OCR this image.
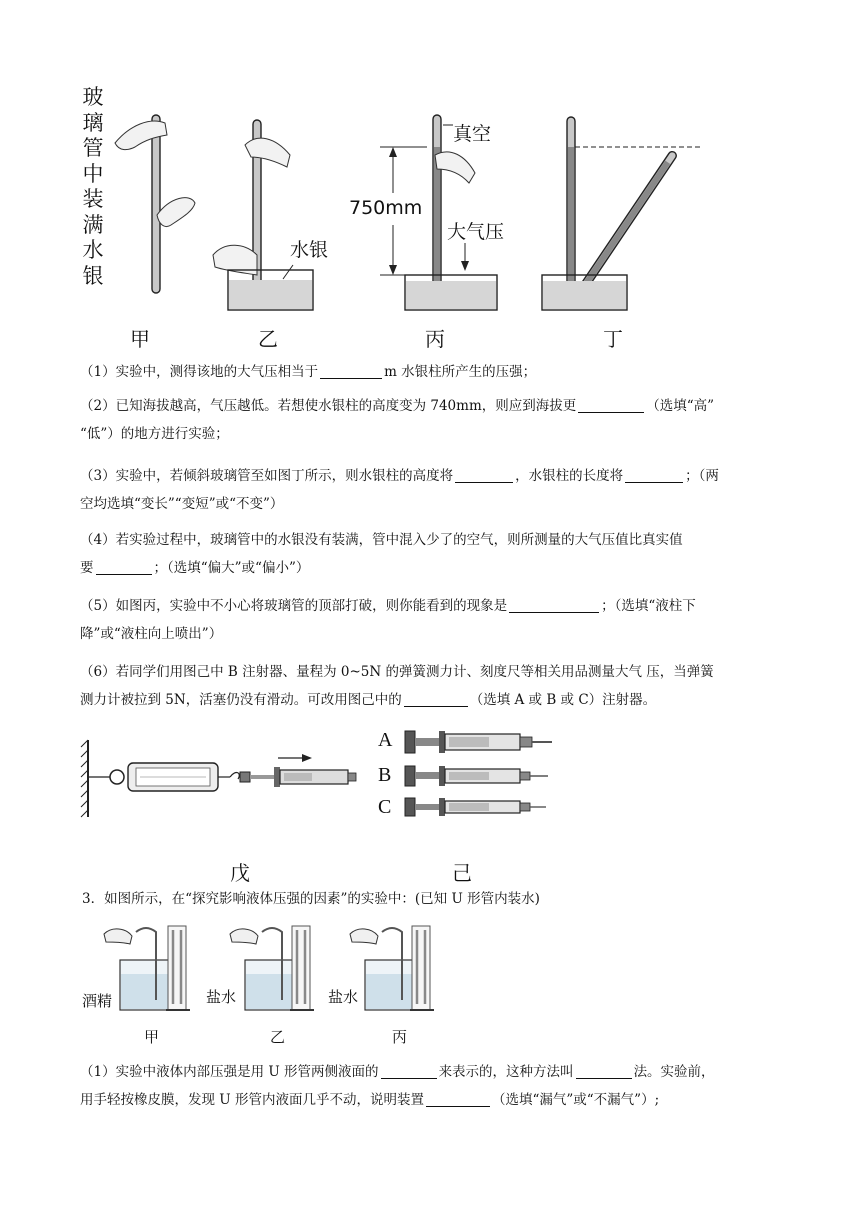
玻
璃
管
中
装
满
水
银
水银
真空
750mm
大气压
甲	乙	丙	丁
（1）实验中，测得该地的大气压相当于	m 水银柱所产生的压强；
（2）已知海拔越高，气压越低。若想使水银柱的高度变为 740mm，则应到海拔更	（选填“高”
“低”）的地方进行实验；
（3）实验中，若倾斜玻璃管至如图丁所示，则水银柱的高度将	，水银柱的长度将	；（两
空均选填“变长”“变短”或“不变”）
（4）若实验过程中，玻璃管中的水银没有装满，管中混入少了的空气，则所测量的大气压值比真实值
要	；（选填“偏大”或“偏小”）
（5）如图丙，实验中不小心将玻璃管的顶部打破，则你能看到的现象是	；（选填“液柱下
降”或“液柱向上喷出”）
（6）若同学们用图己中 B 注射器、量程为 0~5N 的弹簧测力计、刻度尺等相关用品测量大气 压，当弹簧
测力计被拉到 5N，活塞仍没有滑动。可改用图己中的	（选填 A 或 B 或 C）注射器。
A
B
C
戊	己
3．如图所示，在“探究影响液体压强的因素”的实验中：(已知 U 形管内装水)
酒精	盐水	盐水
甲	乙	丙
（1）实验中液体内部压强是用 U 形管两侧液面的	来表示的，这种方法叫	法。实验前，
用手轻按橡皮膜，发现 U 形管内液面几乎不动，说明装置	（选填“漏气”或“不漏气”）;
